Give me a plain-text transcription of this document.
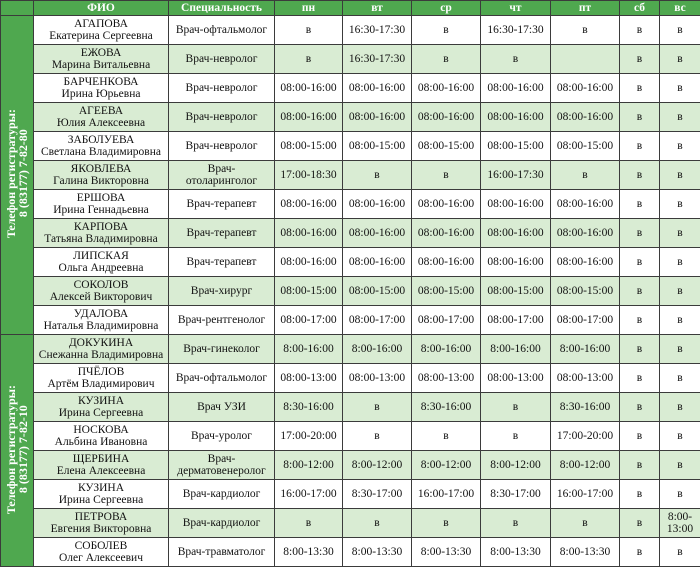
	ФИО	Специальность	пн	вт	ср	чт	пт	сб	вс
Телефон регистратуры:
8 (83177) 7-82-80	АГАПОВА
Екатерина Сергеевна	Врач-офтальмолог	в	16:30-17:30	в	16:30-17:30	в	в	в

	ЕЖОВА
Марина Витальевна	Врач-невролог	в	16:30-17:30	в	в		в	в

	БАРЧЕНКОВА
Ирина Юрьевна	Врач-невролог	08:00-16:00	08:00-16:00	08:00-16:00	08:00-16:00	08:00-16:00	в	в

	АГЕЕВА
Юлия Алексеевна	Врач-невролог	08:00-16:00	08:00-16:00	08:00-16:00	08:00-16:00	08:00-16:00	в	в

	ЗАБОЛУЕВА
Светлана Владимировна	Врач-невролог	08:00-15:00	08:00-15:00	08:00-15:00	08:00-15:00	08:00-15:00	в	в

	ЯКОВЛЕВА
Галина Викторовна	Врач-
отоларинголог	17:00-18:30	в	в	16:00-17:30	в	в	в

	ЕРШОВА
Ирина Геннадьевна	Врач-терапевт	08:00-16:00	08:00-16:00	08:00-16:00	08:00-16:00	08:00-16:00	в	в

	КАРПОВА
Татьяна Владимировна	Врач-терапевт	08:00-16:00	08:00-16:00	08:00-16:00	08:00-16:00	08:00-16:00	в	в

	ЛИПСКАЯ
Ольга Андреевна	Врач-терапевт	08:00-16:00	08:00-16:00	08:00-16:00	08:00-16:00	08:00-16:00	в	в

	СОКОЛОВ
Алексей Викторович	Врач-хирург	08:00-15:00	08:00-15:00	08:00-15:00	08:00-15:00	08:00-15:00	в	в

	УДАЛОВА
Наталья Владимировна	Врач-рентгенолог	08:00-17:00	08:00-17:00	08:00-17:00	08:00-17:00	08:00-17:00	в	в
Телефон регистратуры:
8 (83177) 7-82-10	ДОКУКИНА
Снежанна Владимировна	Врач-гинеколог	8:00-16:00	8:00-16:00	8:00-16:00	8:00-16:00	8:00-16:00	в	в

	ПЧЁЛОВ
Артём Владимирович	Врач-офтальмолог	08:00-13:00	08:00-13:00	08:00-13:00	08:00-13:00	08:00-13:00	в	в

	КУЗИНА
Ирина Сергеевна	Врач УЗИ	8:30-16:00	в	8:30-16:00	в	8:30-16:00	в	в

	НОСКОВА
Альбина Ивановна	Врач-уролог	17:00-20:00	в	в	в	17:00-20:00	в	в

	ЩЕРБИНА
Елена Алексеевна	Врач-
дерматовенеролог	8:00-12:00	8:00-12:00	8:00-12:00	8:00-12:00	8:00-12:00	в	в

	КУЗИНА
Ирина Сергеевна	Врач-кардиолог	16:00-17:00	8:30-17:00	16:00-17:00	8:30-17:00	16:00-17:00	в	в

	ПЕТРОВА
Евгения Викторовна	Врач-кардиолог	в	в	в	в	в	в	8:00-
13:00

	СОБОЛЕВ
Олег Алексеевич	Врач-травматолог	8:00-13:30	8:00-13:30	8:00-13:30	8:00-13:30	8:00-13:30	в	в
